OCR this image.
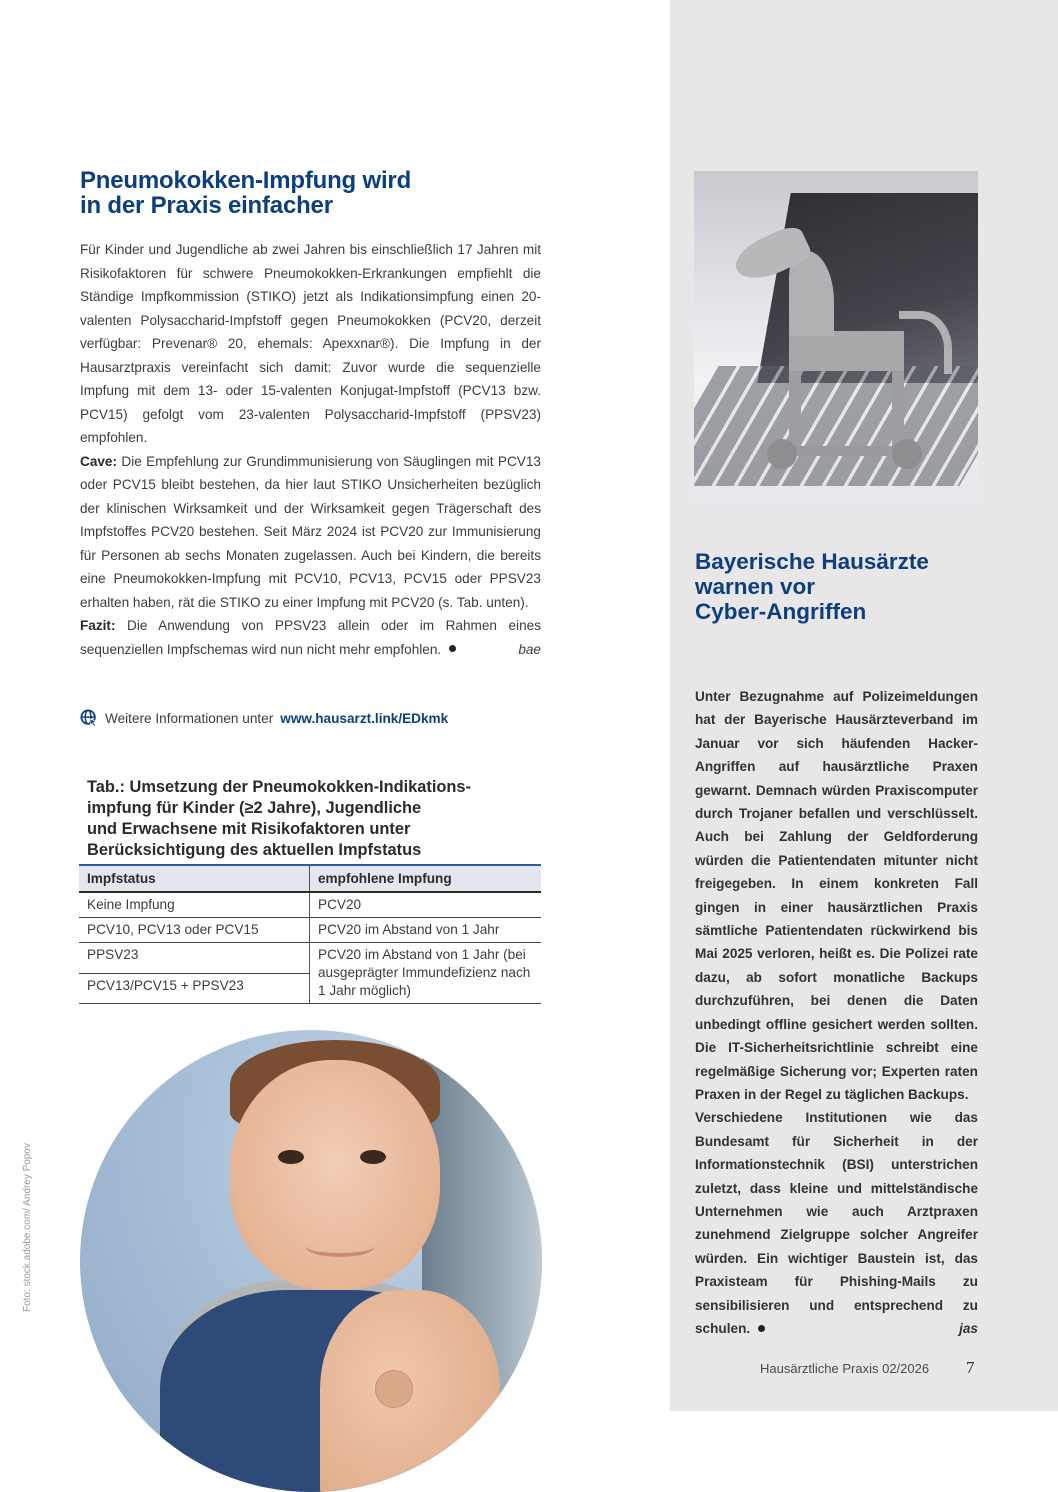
Pneumokokken-Impfung wird
in der Praxis einfacher

Für Kinder und Jugendliche ab zwei Jahren bis einschließlich 17 Jahren mit Risikofaktoren für schwere Pneumokokken-Erkrankungen empfiehlt die Ständige Impfkommission (STIKO) jetzt als Indikationsimpfung einen 20-valenten Polysaccharid-Impfstoff gegen Pneumokokken (PCV20, derzeit verfügbar: Prevenar® 20, ehemals: Apexxnar®). Die Impfung in der Hausarztpraxis vereinfacht sich damit: Zuvor wurde die sequenzielle Impfung mit dem 13- oder 15-valenten Konjugat-Impfstoff (PCV13 bzw. PCV15) gefolgt vom 23-valenten Polysaccharid-Impfstoff (PPSV23) empfohlen.

Cave: Die Empfehlung zur Grundimmunisierung von Säuglingen mit PCV13 oder PCV15 bleibt bestehen, da hier laut STIKO Unsicherheiten bezüglich der klinischen Wirksamkeit und der Wirksamkeit gegen Trägerschaft des Impfstoffes PCV20 bestehen. Seit März 2024 ist PCV20 zur Immunisierung für Personen ab sechs Monaten zugelassen. Auch bei Kindern, die bereits eine Pneumokokken-Impfung mit PCV10, PCV13, PCV15 oder PPSV23 erhalten haben, rät die STIKO zu einer Impfung mit PCV20 (s. Tab. unten).

Fazit: Die Anwendung von PPSV23 allein oder im Rahmen eines sequenziellen Impfschemas wird nun nicht mehr empfohlen.	bae

Weitere Informationen unter www.hausarzt.link/EDkmk
Tab.: Umsetzung der Pneumokokken-Indikations-
impfung für Kinder (≥2 Jahre), Jugendliche
und Erwachsene mit Risikofaktoren unter
Berücksichtigung des aktuellen Impfstatus
Impfstatus	empfohlene Impfung
Keine Impfung	PCV20
PCV10, PCV13 oder PCV15	PCV20 im Abstand von 1 Jahr
PPSV23	PCV20 im Abstand von 1 Jahr (bei ausgeprägter Immundefizienz nach 1 Jahr möglich)
PCV13/PCV15 + PPSV23	
Foto: stock.adobe.com/ Andrey Popov
Bayerische Hausärzte
warnen vor
Cyber-Angriffen

Unter Bezugnahme auf Polizeimeldungen hat der Bayerische Hausärzteverband im Januar vor sich häufenden Hacker-Angriffen auf hausärztliche Praxen gewarnt. Demnach würden Praxiscomputer durch Trojaner befallen und verschlüsselt. Auch bei Zahlung der Geldforderung würden die Patientendaten mitunter nicht freigegeben. In einem konkreten Fall gingen in einer hausärztlichen Praxis sämtliche Patientendaten rückwirkend bis Mai 2025 verloren, heißt es. Die Polizei rate dazu, ab sofort monatliche Backups durchzuführen, bei denen die Daten unbedingt offline gesichert werden sollten. Die IT-Sicherheitsrichtlinie schreibt eine regelmäßige Sicherung vor; Experten raten Praxen in der Regel zu täglichen Backups.

Verschiedene Institutionen wie das Bundesamt für Sicherheit in der Informationstechnik (BSI) unterstrichen zuletzt, dass kleine und mittelständische Unternehmen wie auch Arztpraxen zunehmend Zielgruppe solcher Angreifer würden. Ein wichtiger Baustein ist, das Praxisteam für Phishing-Mails zu sensibilisieren und entsprechend zu schulen.	jas

Hausärztliche Praxis 02/2026 7
